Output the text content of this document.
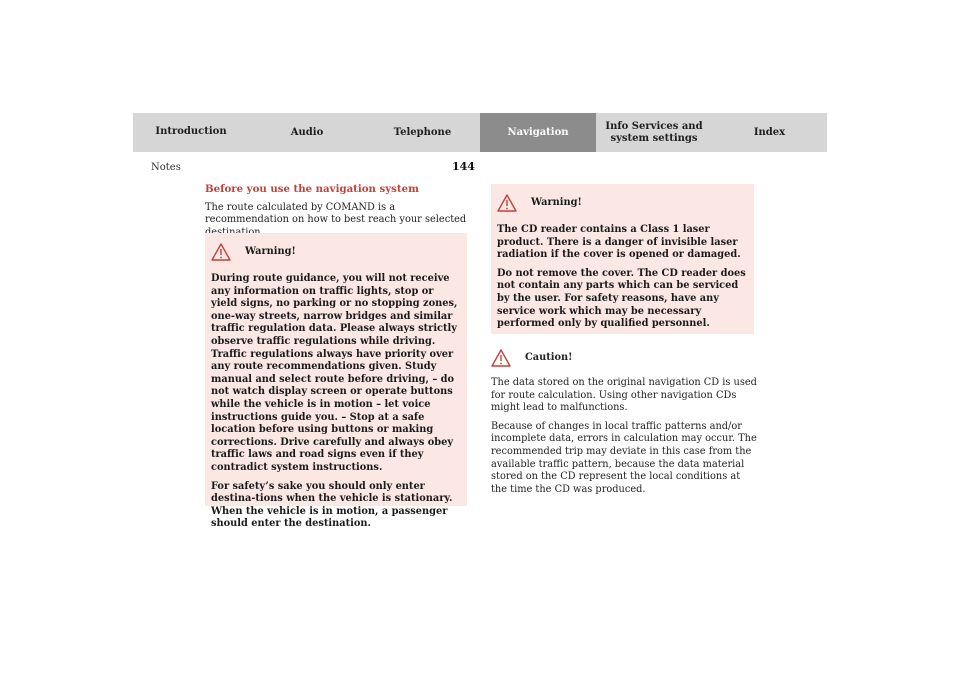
Introduction	Audio	Telephone	Navigation
Info Services and
system settings
Index
Notes	144

Before you use the navigation system

The route calculated by COMAND is a recommendation on how to best reach your selected

Warning!

During route guidance, you will not receive any information on traffic lights, stop or yield signs, no parking or no stopping zones, one-way streets, narrow bridges and similar traffic regulation data. Please always strictly observe traffic regulations while driving. Traffic regulations always have priority over any route recommendations given. Study manual and select route before driving, – do not watch display screen or operate buttons while the vehicle is in motion – let voice instructions guide you. – Stop at a safe location before using buttons or making corrections. Drive carefully and always obey traffic laws and road signs even if they contradict system instructions.

For safety’s sake you should only enter destina-tions when the vehicle is stationary. When the vehicle is in motion, a passenger should enter the destination.

Warning!

The CD reader contains a Class 1 laser product. There is a danger of invisible laser radiation if the cover is opened or damaged.

Do not remove the cover. The CD reader does not contain any parts which can be serviced by the user. For safety reasons, have any service work which may be necessary performed only by qualified personnel.

Caution!

The data stored on the original navigation CD is used for route calculation. Using other navigation CDs might lead to malfunctions.

Because of changes in local traffic patterns and/or incomplete data, errors in calculation may occur. The recommended trip may deviate in this case from the available traffic pattern, because the data material stored on the CD represent the local conditions at the time the CD was produced.
